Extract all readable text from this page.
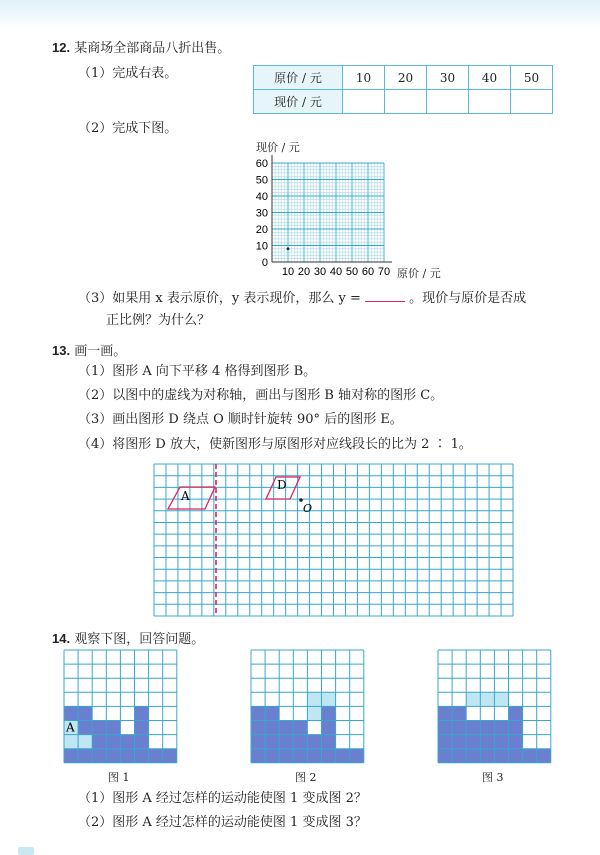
12. 某商场全部商品八折出售。
（1）完成右表。	原价 / 元	10	20	30	40	50
现价 / 元					
（2）完成下图。
现价 / 元
原价 / 元
60
50
40
30
20
10
0
10 20 30 40 50 60 70
（3）如果用 x 表示原价，y 表示现价，那么 y =	。现价与原价是否成
正比例？为什么？
13. 画一画。
（1）图形 A 向下平移 4 格得到图形 B。
（2）以图中的虚线为对称轴，画出与图形 B 轴对称的图形 C。
（3）画出图形 D 绕点 O 顺时针旋转 90° 后的图形 E。
（4）将图形 D 放大，使新图形与原图形对应线段长的比为 2 ∶ 1。
A
D
O
14. 观察下图，回答问题。
A
图 1	图 2	图 3
（1）图形 A 经过怎样的运动能使图 1 变成图 2？
（2）图形 A 经过怎样的运动能使图 1 变成图 3？
